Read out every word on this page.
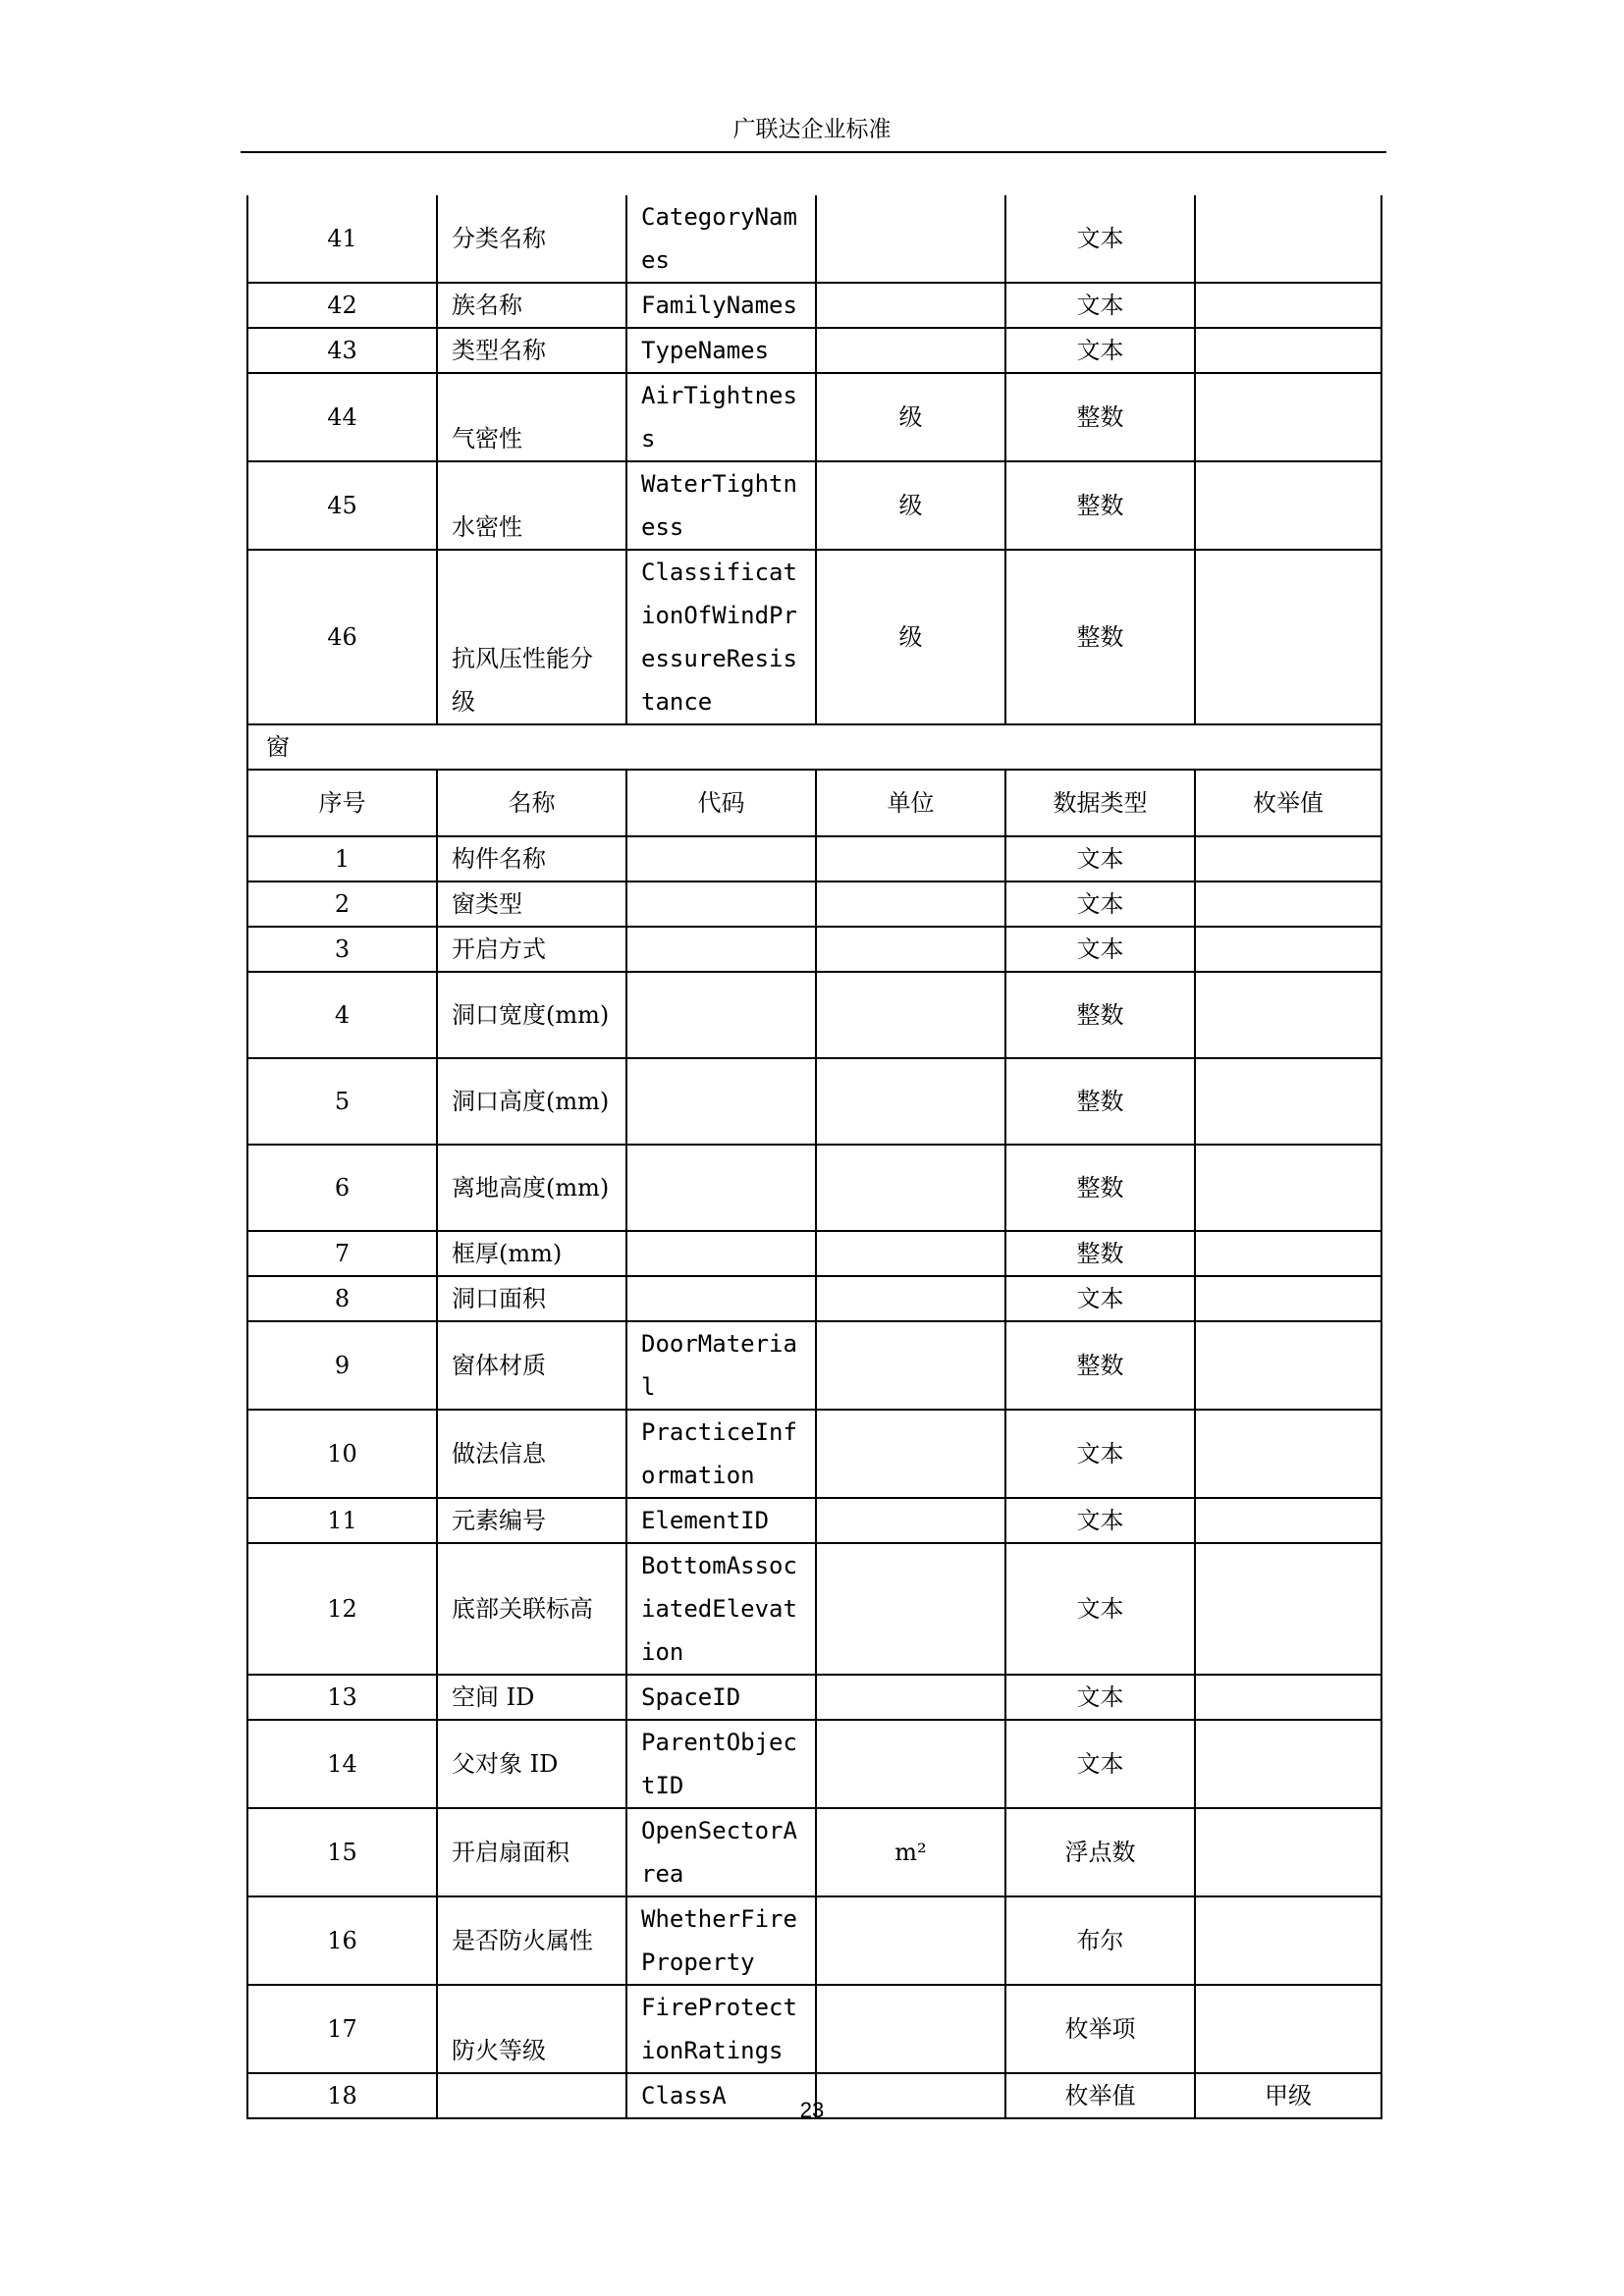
广联达企业标准
41	分类名称	CategoryNames		文本	
42	族名称	FamilyNames		文本	
43	类型名称	TypeNames		文本	
44	气密性	AirTightness	级	整数	
45	水密性	WaterTightness	级	整数	
46	抗风压性能分级	ClassificationOfWindPressureResistance	级	整数	
窗					
序号	名称	代码	单位	数据类型	枚举值
1	构件名称			文本	
2	窗类型			文本	
3	开启方式			文本	
4	洞口宽度(mm)			整数	
5	洞口高度(mm)			整数	
6	离地高度(mm)			整数	
7	框厚(mm)			整数	
8	洞口面积			文本	
9	窗体材质	DoorMaterial		整数	
10	做法信息	PracticeInformation		文本	
11	元素编号	ElementID		文本	
12	底部关联标高	BottomAssociatedElevation		文本	
13	空间 ID	SpaceID		文本	
14	父对象 ID	ParentObjectID		文本	
15	开启扇面积	OpenSectorArea	m²	浮点数	
16	是否防火属性	WhetherFireProperty		布尔	
17	防火等级	FireProtectionRatings		枚举项	
18		ClassA		枚举值	甲级
23
